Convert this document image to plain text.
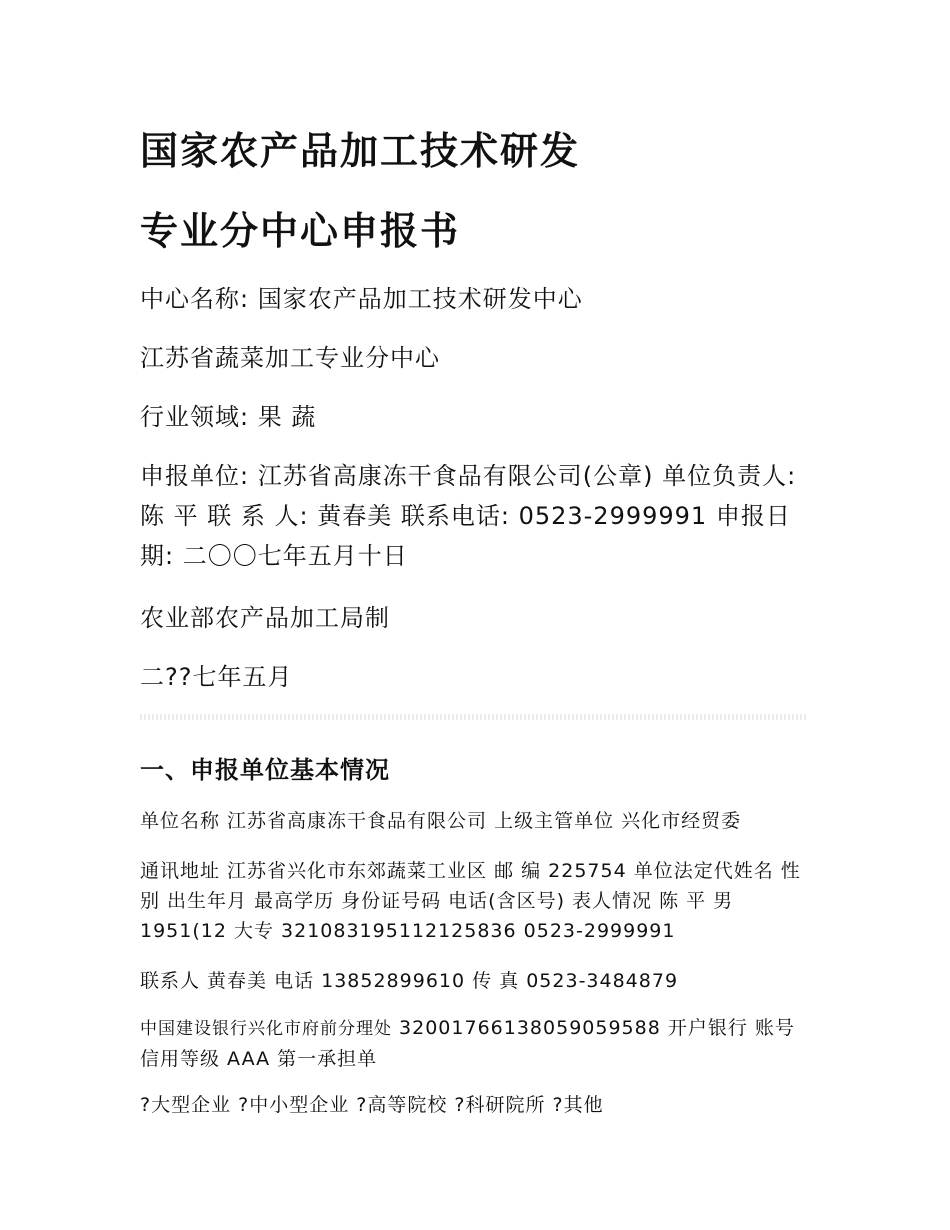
国家农产品加工技术研发
专业分中心申报书

中心名称: 国家农产品加工技术研发中心

江苏省蔬菜加工专业分中心

行业领域: 果 蔬

申报单位: 江苏省高康冻干食品有限公司(公章) 单位负责人: 陈 平 联 系 人: 黄春美 联系电话: 0523-2999991 申报日期: 二〇〇七年五月十日

农业部农产品加工局制

二??七年五月

一、申报单位基本情况

单位名称 江苏省高康冻干食品有限公司 上级主管单位 兴化市经贸委

通讯地址 江苏省兴化市东郊蔬菜工业区 邮 编 225754 单位法定代姓名 性别 出生年月 最高学历 身份证号码 电话(含区号) 表人情况 陈 平 男 1951(12 大专 321083195112125836 0523-2999991

联系人 黄春美 电话 13852899610 传 真 0523-3484879

中国建设银行兴化市府前分理处 32001766138059059588 开户银行 账号 信用等级 AAA 第一承担单

?大型企业 ?中小型企业 ?高等院校 ?科研院所 ?其他
